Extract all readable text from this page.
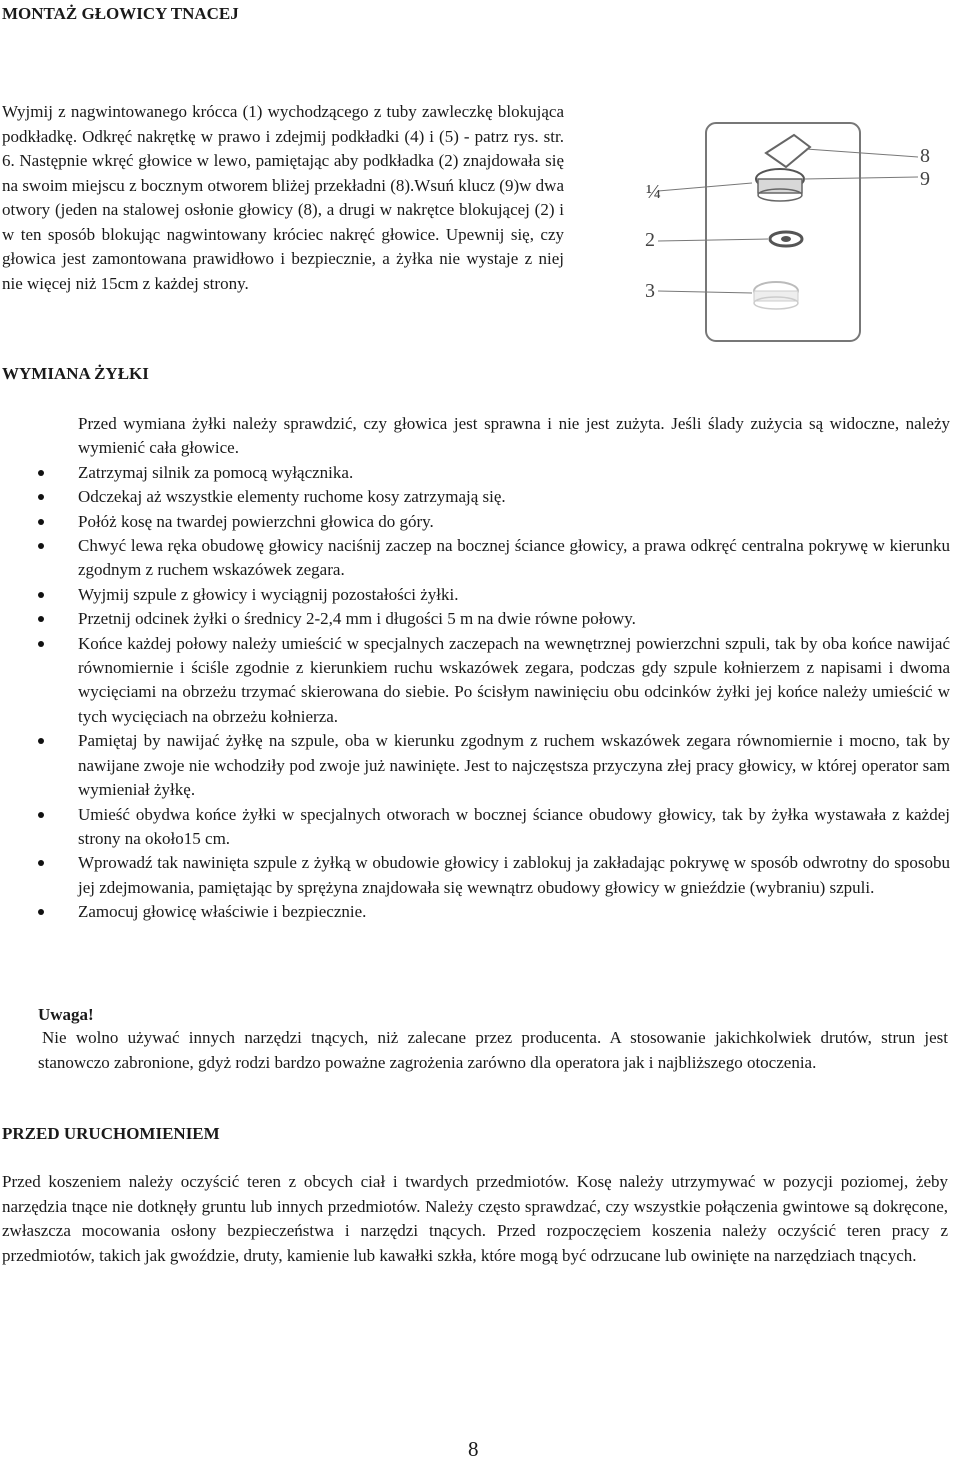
MONTAŻ GŁOWICY TNACEJ

Wyjmij z nagwintowanego krócca (1) wychodzącego z tuby zawleczkę blokująca podkładkę. Odkręć nakrętkę w prawo i zdejmij podkładki (4) i (5) - patrz rys. str. 6. Następnie wkręć głowice w lewo, pamiętając aby podkładka (2) znajdowała się na swoim miejscu z bocznym otworem bliżej przekładni (8).Wsuń klucz (9)w dwa otwory (jeden na stalowej osłonie głowicy (8), a drugi w nakrętce blokującej (2) i w ten sposób blokując nagwintowany króciec nakręć głowice. Upewnij się, czy głowica jest zamontowana prawidłowo i bezpiecznie, a żyłka nie wystaje z niej nie więcej niż 15cm z każdej strony.

8
9
¼
2
3
WYMIANA ŻYŁKI
Przed wymiana żyłki należy sprawdzić, czy głowica jest sprawna i nie jest zużyta. Jeśli ślady zużycia są widoczne, należy wymienić cała głowice.
Zatrzymaj silnik za pomocą wyłącznika.
Odczekaj aż wszystkie elementy ruchome kosy zatrzymają się.
Połóż kosę na twardej powierzchni głowica do góry.
Chwyć lewa ręka obudowę głowicy naciśnij zaczep na bocznej ściance głowicy, a prawa odkręć centralna pokrywę w kierunku zgodnym z ruchem wskazówek zegara.
Wyjmij szpule z głowicy i wyciągnij pozostałości żyłki.
Przetnij odcinek żyłki o średnicy 2-2,4 mm i długości 5 m na dwie równe połowy.
Końce każdej połowy należy umieścić w specjalnych zaczepach na wewnętrznej powierzchni szpuli, tak by oba końce nawijać równomiernie i ściśle zgodnie z kierunkiem ruchu wskazówek zegara, podczas gdy szpule kołnierzem z napisami i dwoma wycięciami na obrzeżu trzymać skierowana do siebie. Po ścisłym nawinięciu obu odcinków żyłki jej końce należy umieścić w tych wycięciach na obrzeżu kołnierza.
Pamiętaj by nawijać żyłkę na szpule, oba w kierunku zgodnym z ruchem wskazówek zegara równomiernie i mocno, tak by nawijane zwoje nie wchodziły pod zwoje już nawinięte. Jest to najczęstsza przyczyna złej pracy głowicy, w której operator sam wymieniał żyłkę.
Umieść obydwa końce żyłki w specjalnych otworach w bocznej ściance obudowy głowicy, tak by żyłka wystawała z każdej strony na około15 cm.
Wprowadź tak nawinięta szpule z żyłką w obudowie głowicy i zablokuj ja zakładając pokrywę w sposób odwrotny do sposobu jej zdejmowania, pamiętając by sprężyna znajdowała się wewnątrz obudowy głowicy w gnieździe (wybraniu) szpuli.
Zamocuj głowicę właściwie i bezpiecznie.
Uwaga!

Nie wolno używać innych narzędzi tnących, niż zalecane przez producenta. A stosowanie jakichkolwiek drutów, strun jest stanowczo zabronione, gdyż rodzi bardzo poważne zagrożenia zarówno dla operatora jak i najbliższego otoczenia.

PRZED URUCHOMIENIEM

Przed koszeniem należy oczyścić teren z obcych ciał i twardych przedmiotów. Kosę należy utrzymywać w pozycji poziomej, żeby narzędzia tnące nie dotknęły gruntu lub innych przedmiotów. Należy często sprawdzać, czy wszystkie połączenia gwintowe są dokręcone, zwłaszcza mocowania osłony bezpieczeństwa i narzędzi tnących. Przed rozpoczęciem koszenia należy oczyścić teren pracy z przedmiotów, takich jak gwoździe, druty, kamienie lub kawałki szkła, które mogą być odrzucane lub owinięte na narzędziach tnących.

8
